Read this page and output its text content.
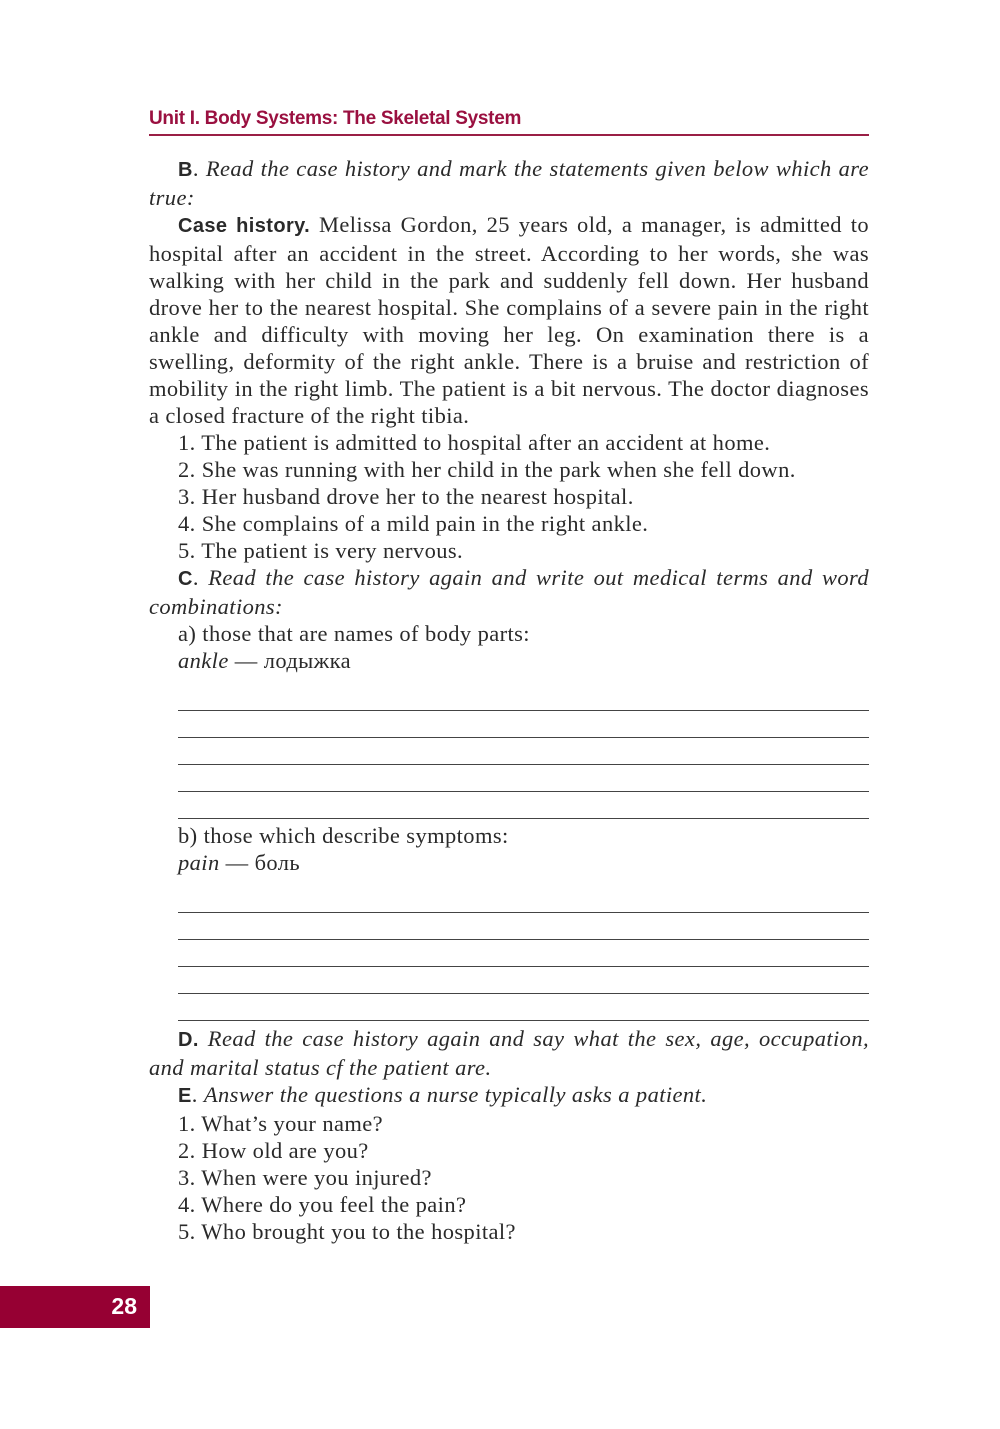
Unit I. Body Systems: The Skeletal System

B. Read the case history and mark the statements given below which are true:

Case history. Melissa Gordon, 25 years old, a manager, is admitted to hospital after an accident in the street. According to her words, she was walking with her child in the park and suddenly fell down. Her husband drove her to the nearest hospital. She complains of a severe pain in the right ankle and difficulty with moving her leg. On examination there is a swelling, deformity of the right ankle. There is a bruise and restriction of mobility in the right limb. The patient is a bit nervous. The doctor diagnoses a closed fracture of the right tibia.

1. The patient is admitted to hospital after an accident at home.

2. She was running with her child in the park when she fell down.

3. Her husband drove her to the nearest hospital.

4. She complains of a mild pain in the right ankle.

5. The patient is very nervous.

C. Read the case history again and write out medical terms and word combinations:

a) those that are names of body parts:

ankle — лодыжка

b) those which describe symptoms:

pain — боль

D. Read the case history again and say what the sex, age, occupation, and marital status cf the patient are.

E. Answer the questions a nurse typically asks a patient.

1. What’s your name?

2. How old are you?

3. When were you injured?

4. Where do you feel the pain?

5. Who brought you to the hospital?

28
